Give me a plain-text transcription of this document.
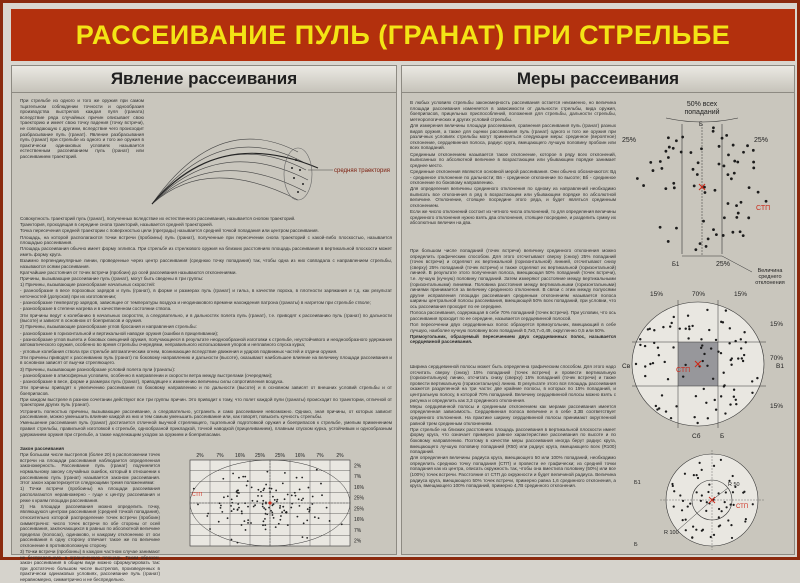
РАССЕИВАНИЕ ПУЛЬ (ГРАНАТ) ПРИ СТРЕЛЬБЕ
Явление рассеивания

При стрельбе из одного и того же оружия при самом тщательном соблюдении точности и однообразия производства выстрелов каждая пуля (граната) вследствие ряда случайных причин описывает свою траекторию и имеет свою точку падения (точку встречи), не совпадающую с другими, вследствие чего происходит разбрасывание пуль (гранат). Явление разбрасывания пуль (гранат) при стрельбе из одного и того же оружия в практически одинаковых условиях называется естественным рассеиванием пуль (гранат) или рассеиванием траекторий.

средняя траектория

Совокупность траекторий пуль (гранат), полученных вследствие их естественного рассеивания, называется снопом траекторий.

Траектория, проходящая в середине снопа траекторий, называется средней траекторией.

Точка пересечения средней траектории с поверхностью цели (преграды) называется средней точкой попадания или центром рассеивания.

Площадь, на которой располагаются точки встречи (пробоины) пуль (гранат), полученные при пересечении снопа траекторий с какой-либо плоскостью, называется площадью рассеивания.

Площадь рассеивания обычно имеет форму эллипса. При стрельбе из стрелкового оружия на близких расстояниях площадь рассеивания в вертикальной плоскости может иметь форму круга.

Взаимно перпендикулярные линии, проведенные через центр рассеивания (среднюю точку попадания) так, чтобы одна из них совпадала с направлением стрельбы, называются осями рассеивания.

Кратчайшие расстояния от точек встречи (пробоин) до осей рассеивания называются отклонениями.

Причины, вызывающие рассеивание пуль (гранат), могут быть сведены в три группы:

1) Причины, вызывающие разнообразие начальных скоростей:

- разнообразие в весе пороховых зарядов и пуль (гранат), в форме и размерах пуль (гранат) и гильз, в качестве пороха, в плотности заряжания и т.д. как результат неточностей (допусков) при их изготовлении;

- разнообразие температур зарядов, зависящее от температуры воздуха и неодинакового времени нахождения патрона (гранаты) в нагретом при стрельбе стволе;

- разнообразие в степени нагрева и в качественном состоянии ствола.

Эти причины ведут к колебанию в начальных скоростях, а следовательно, и в дальностях полета пуль (гранат), т.е. приводят к рассеиванию пуль (гранат) по дальности (высоте) и зависят в основном от боеприпасов и оружия.

2) Причины, вызывающие разнообразие углов бросания и направления стрельбы:

- разнообразие в горизонтальной и вертикальной наводке оружия (ошибки в прицеливании);

- разнообразие углов вылета и боковых смещений оружия, получающееся в результате неоднообразной изготовки к стрельбе, неустойчивого и неоднообразного удержания автоматического оружия, особенно во время стрельбы очередями, неправильного использования упоров и неплавного спуска курка;

- угловые колебания ствола при стрельбе автоматическим огнем, возникающие вследствие движения и ударов подвижных частей и отдачи оружия.

Эти причины приводят к рассеиванию пуль (гранат) по боковому направлению и дальности (высоте), оказывают наибольшее влияние на величину площади рассеивания и в основном зависят от выучки стреляющего.

3) Причины, вызывающие разнообразие условий полета пули (гранаты):

- разнообразие в атмосферных условиях, особенно в направлении и скорости ветра между выстрелами (очередями);

- разнообразие в весе, форме и размерах пуль (гранат), приводящее к изменению величины силы сопротивления воздуха.

Эти причины приводят к увеличению рассеивания по боковому направлению и по дальности (высоте) и в основном зависят от внешних условий стрельбы и от боеприпасов.

При каждом выстреле в разном сочетании действуют все три группы причин. Это приводит к тому, что полет каждой пули (гранаты) происходит по траектории, отличной от траектории других пуль (гранат).

Устранить полностью причины, вызывающие рассеивание, а следовательно, устранить и само рассеивание невозможно. Однако, зная причины, от которых зависит рассеивание, можно уменьшить влияние каждой из них и тем самым уменьшить рассеивание или, как говорят, повысить кучность стрельбы.

Уменьшение рассеивания пуль (гранат) достигается отличной выучкой стреляющего, тщательной подготовкой оружия и боеприпасов к стрельбе, умелым применением правил стрельбы, правильной изготовкой к стрельбе, однообразной прикладкой, точной наводкой (прицеливанием), плавным спуском курка, устойчивым и однообразным удержанием оружия при стрельбе, а также надлежащим уходом за оружием и боеприпасами.

Закон рассеивания

При большом числе выстрелов (более 20) в расположении точек встречи на площади рассеивания наблюдается определенная закономерность. Рассеивание пуль (гранат) подчиняется нормальному закону случайных ошибок, который в отношении к рассеиванию пуль (гранат) называется законом рассеивания. Этот закон характеризуется следующими тремя положениями:

1) Точки встречи (пробоины) на площади рассеивания располагаются неравномерно - гуще к центру рассеивания и реже к краям площади рассеивания.

2) На площади рассеивания можно определить точку, являющуюся центром рассеивания (средней точкой попадания), относительно которой распределение точек встречи (пробоин) симметрично: число точек встречи по обе стороны от осей рассеивания, заключающихся в равных по абсолютной величине пределах (полосах), одинаково, и каждому отклонению от оси рассеивания в одну сторону отвечает такое же по величине отклонение в противоположную сторону.

3) Точки встречи (пробоины) в каждом частном случае занимают не беспредельную, а ограниченную площадь. Таким образом, закон рассеивания в общем виде можно сформулировать так: при достаточно большом числе выстрелов, произведенных в практически одинаковых условиях, рассеивание пуль (гранат) неравномерно, симметрично и не беспредельно.

2%	7% 16% 25% 25% 16% 7%	2%
2%
7%
16%
25%
25%
16%
7%
2%
СТП
Меры рассеивания

В любых условиях стрельбы закономерность рассеивания остается неизменно, но величина площади рассеивания изменяется в зависимости от дальности стрельбы, вида оружия, боеприпасов, прицельных приспособлений, положения для стрельбы, дальности стрельбы, метеорологических и других условий стрельбы.

Для измерения величины площади рассеивания, сравнения рассеивания пуль (гранат) разных видов оружия, а также для оценки рассеивания пуль (гранат) одного и того же оружия при различных условиях стрельбы могут применяться следующие меры: срединное (вероятное) отклонение, сердцевинная полоса, радиус круга, вмещающего лучшую половину пробоин или всех попаданий.

Срединным отклонением называется такое отклонение, которое в ряду всех отклонений, выписанных по абсолютной величине в возрастающем или убывающем порядке занимает среднее место.

Срединные отклонения являются основной мерой рассеивания. Они обычно обозначаются: Вд - срединное отклонение по дальности; Вв - срединное отклонение по высоте; Вб - срединное отклонение по боковому направлению.

Для определения величины срединного отклонения по одному из направлений необходимо выписать все отклонения в ряд в возрастающем или убывающем порядке по абсолютной величине. Отклонение, стоящее посредине этого ряда, и будет являться срединным отклонением.

Если же число отклонений состоит из четного числа отклонений, то для определения величины срединного отклонения нужно взять два отклонения, стоящие посредине, и разделить сумму их абсолютных величин на два.

При большом числе попаданий (точек встречи) величину срединного отклонения можно определить графическим способом. Для этого отсчитывают сверху (снизу) 25% попаданий (точек встречи) и отделяют их вертикальной (горизонтальной) линией, отсчитывают снизу (сверху) 25% попаданий (точек встречи) и также отделяют их вертикальной (горизонтальной) линией. В результате этого полученная полоса, вмещающая 50% попаданий (точек встречи), т.е. лучшую (кучную) половину попаданий. Затем измеряют расстояние между вертикальными (горизонтальными) линиями. Половина расстояния между вертикальными (горизонтальными) линиями принимается за величину срединного отклонения. В связи с этим между полуосями другие исправления площади рассеивания срединным отклонениям называется полоса ширины центральной полосы рассеивания, вмещающей 50% всех попаданий, при условии, что ось рассеивания проходит по ее середине.

Полоса рассеивания, содержащая в себе 70% попаданий (точек встречи). При условии, что ось рассеивания проходит по ее середине, называется сердцевинной полосой.

Пол пересечении двух сердцевинных полос образуется прямоугольник, вмещающий в себе лучшую, наиболее кучную половину всех попаданий 0,7х0,7=0,49, округленно 0,5 или 50%.

Прямоугольник, образуемый пересечением двух сердцевинных полос, называется сердцевиной рассеивания.

Ширина сердцевинной полосы может быть определена графическим способом. Для этого надо отсчитать сверху (снизу) 15% попаданий (точек встречи) и провести вертикальную (горизонтальную) линию, отсчитать снизу (сверху) 15% попаданий (точек встречи) и также провести вертикальную (горизонтальную) линию. В результате этого вся площадь рассеивания окажется разделенной на три части: две крайние полосы, в которых по 15% попаданий, и центральную полосу, в которой 70% попаданий. Величину сердцевинной полосы можно взять с рисунка и определить как 3,3 срединного отклонения.

Меры сердцевинной полосы и срединным отклонением как мерами рассеивания имеется определенная зависимость. Сердцевинная полоса величине и в себе 3,3В соответствует срединного отклонения. На практике ширину сердцевинной полосы принимают округленной равной трем срединным отклонениям.

При стрельбе на близких расстояниях площадь рассеивания в вертикальной плоскости имеет форму круга, что означает примерно равное характеристике рассеивания по высоте и по боковому направлению. Поэтому в качестве меры рассеивания иногда берут радиус круга, вмещающего лучшую половину попаданий (R50) или радиус круга, вмещающего всех (R100) попаданий.

Для определения величины радиуса круга, вмещающего 50 или 100% попаданий, необходимо определить среднюю точку попадания (СТП) и провести ее графически; из средней точки попадания как из центра, описать окружность так, чтобы она вместила половину (50%) или все (100%) точек встречи. Расстояние от СТП до окружности и будет величиной радиуса. Величина радиуса круга, вмещающего 50% точек встречи, примерно равна 1,6 срединного отклонения, а круга, вмещающего 100% попаданий, примерно 4,7В срединного отклонения.

50% всех
попаданий
25%	25%
Б
СТП
Б1	25%
Величина
среднего
отклонения
15%	70%	15%
СТП
Св	В1
15%
70%
15%
Сб	Б
R 50
R 100
СТП
Б1
Б
